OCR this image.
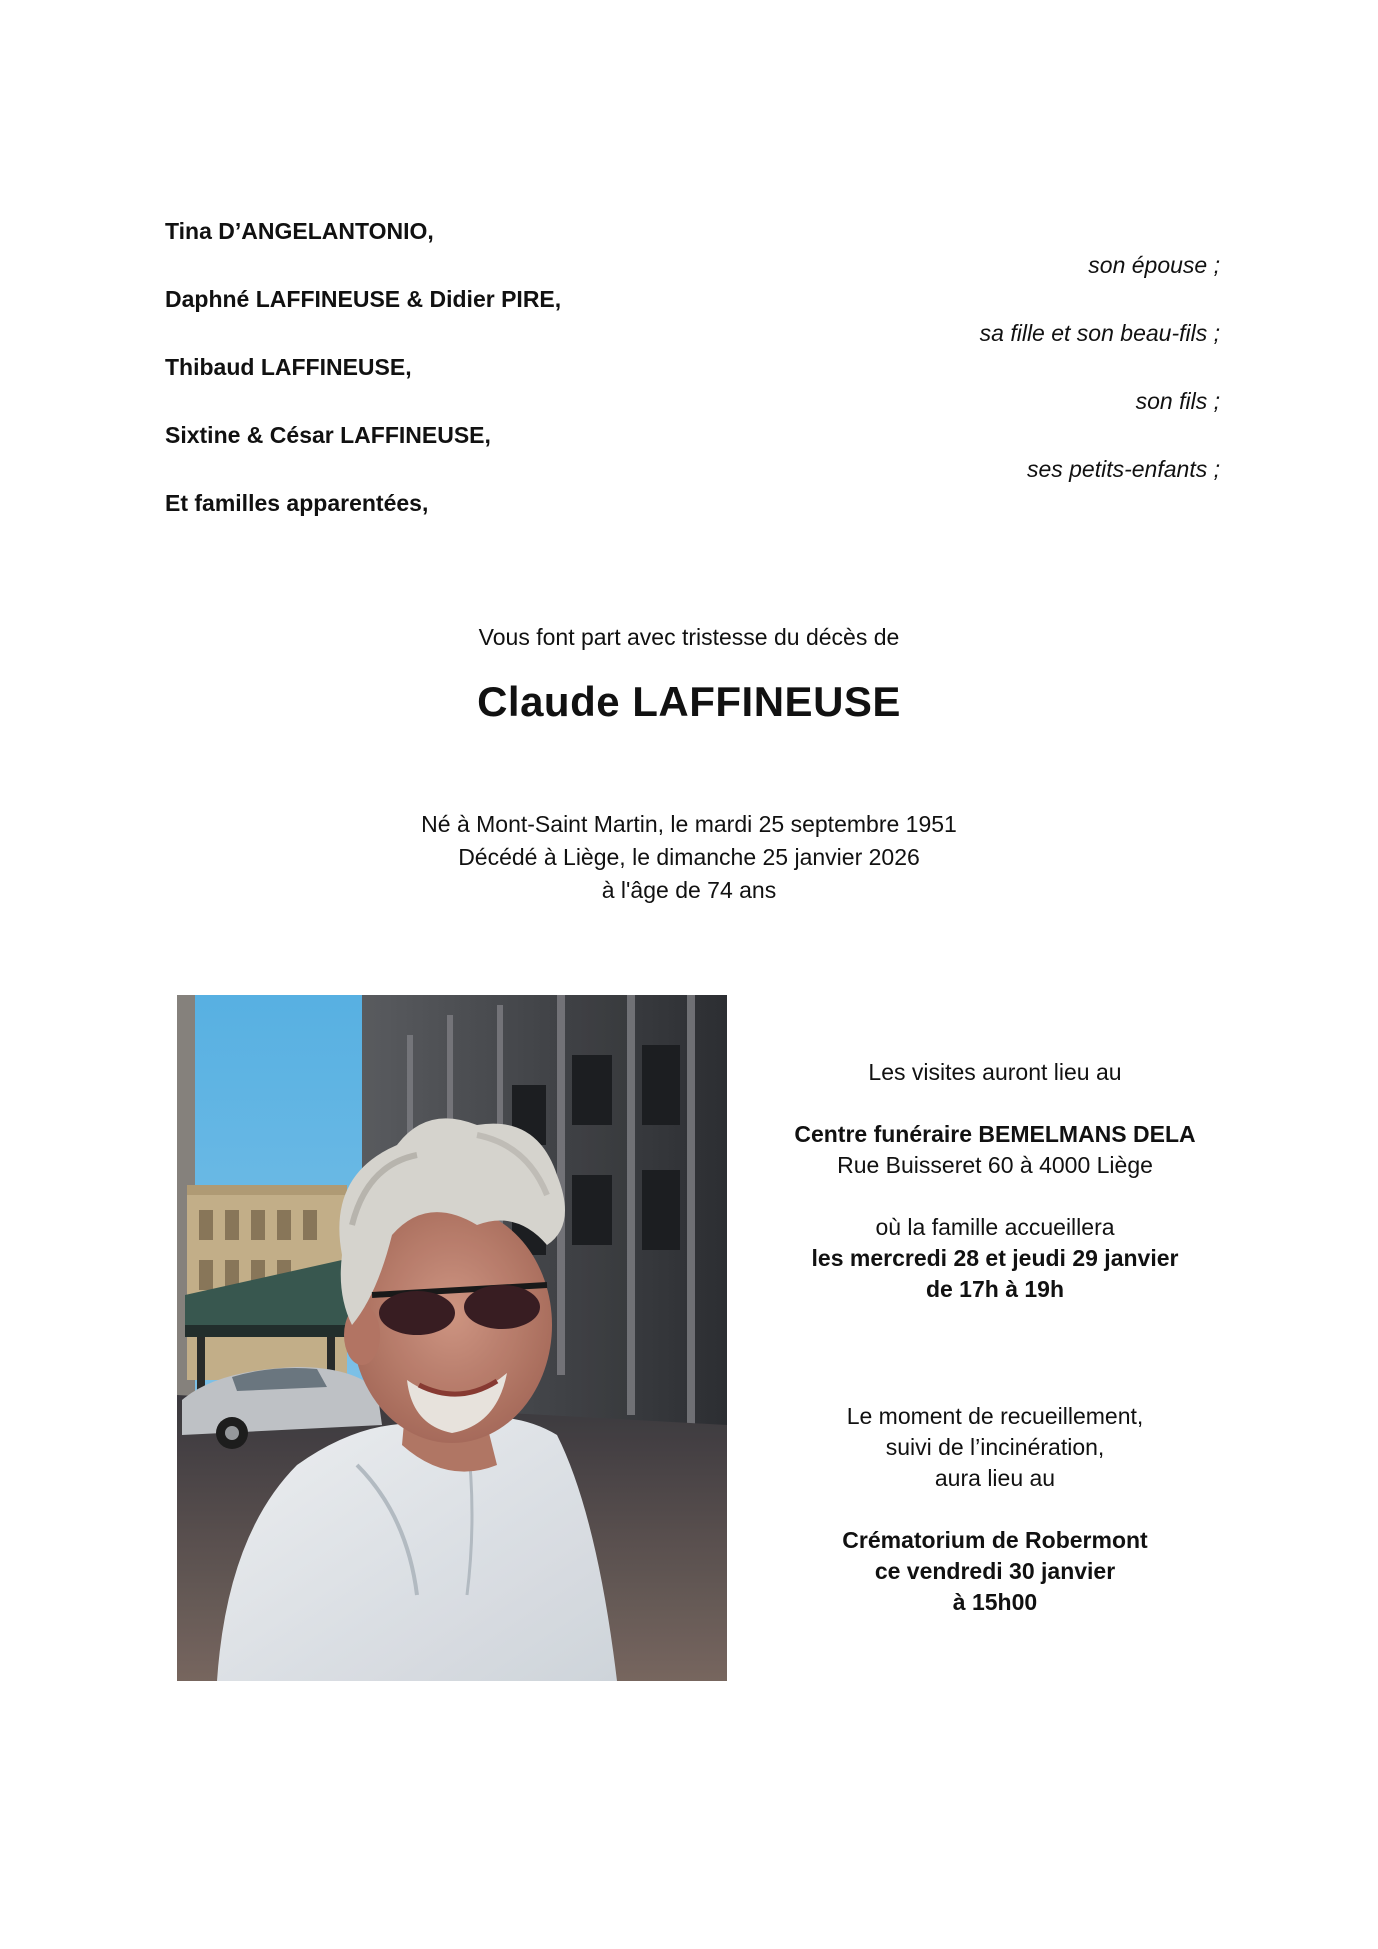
Tina D’ANGELANTONIO,
son épouse ;
Daphné LAFFINEUSE & Didier PIRE,
sa fille et son beau-fils ;
Thibaud LAFFINEUSE,
son fils ;
Sixtine & César LAFFINEUSE,
ses petits-enfants ;
Et familles apparentées,
Vous font part avec tristesse du décès de
Claude LAFFINEUSE
Né à Mont-Saint Martin, le mardi 25 septembre 1951
Décédé à Liège, le dimanche 25 janvier 2026
à l'âge de 74 ans
Les visites auront lieu au
Centre funéraire BEMELMANS DELA
Rue Buisseret 60 à 4000 Liège
où la famille accueillera
les mercredi 28 et jeudi 29 janvier
de 17h à 19h
Le moment de recueillement,
suivi de l’incinération,
aura lieu au
Crématorium de Robermont
ce vendredi 30 janvier
à 15h00
